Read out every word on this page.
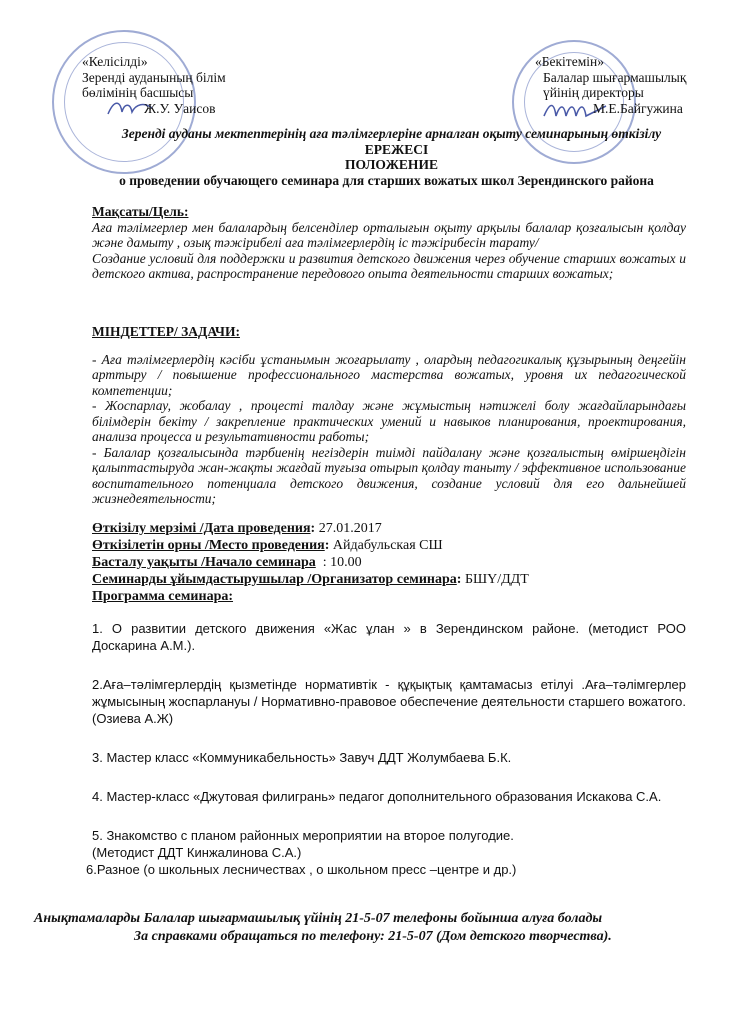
«Келісілді»
Зеренді ауданының білім
бөлімінің басшысы
Ж.У. Уаисов
«Бекітемін»
Балалар шығармашылық
үйінің директоры
М.Е.Байгужина
Зеренді ауданы мектептерінің аға тәлімгерлеріне арналған оқыту семинарының өткізілу
ЕРЕЖЕСІ
ПОЛОЖЕНИЕ
о проведении обучающего семинара для старших вожатых школ Зерендинского района
Мақсаты/Цель:
Аға тәлімгерлер мен балалардың белсенділер орталығын оқыту арқылы балалар қозғалысын қолдау және дамыту , озық тәжірибелі аға тәлімгерлердің іс тәжірибесін тарату/
Создание условий для поддержки и развития детского движения через обучение старших вожатых и детского актива, распространение передового опыта деятельности старших вожатых;
МІНДЕТТЕР/ ЗАДАЧИ:
- Аға тәлімгерлердің кәсіби ұстанымын жоғарылату , олардың педагогикалық құзырының деңгейін арттыру / повышение профессионального мастерства вожатых, уровня их педагогической компетенции;
- Жоспарлау, жобалау , процесті талдау және жұмыстың нәтижелі болу жағдайларындағы білімдерін бекіту / закрепление практических умений и навыков планирования, проектирования, анализа процесса и результативности работы;
- Балалар қозғалысында тәрбиенің негіздерін тиімді пайдалану және қозғалыстың өміршеңдігін қалыптастыруда жан-жақты жағдай туғыза отырып қолдау таныту / эффективное использование воспитательного потенциала детского движения, создание условий для его дальнейшей жизнедеятельности;
Өткізілу мерзімі /Дата проведения: 27.01.2017
Өткізілетін орны /Место проведения: Айдабульская СШ
Басталу уақыты /Начало семинара : 10.00
Семинарды ұйымдастырушылар /Организатор семинара: БШҮ/ДДТ
Программа семинара:
1. О развитии детского движения «Жас ұлан » в Зерендинском районе. (методист РОО Доскарина А.М.).
2.Аға–тәлімгерлердің қызметінде нормативтік - құқықтық қамтамасыз етілуі .Аға–тәлімгерлер жұмысының жоспарлануы / Нормативно-правовое обеспечение деятельности старшего вожатого. (Озиева А.Ж)
3. Мастер класс «Коммуникабельность» Завуч ДДТ Жолумбаева Б.К.
4. Мастер-класс «Джутовая филигрань» педагог дополнительного образования Искакова С.А.
5. Знакомство с планом районных мероприятии на второе полугодие.
(Методист ДДТ Кинжалинова С.А.)
6.Разное (о школьных лесничествах , о школьном пресс –центре и др.)
Анықтамаларды Балалар шығармашылық үйінің 21-5-07 телефоны бойынша алуға болады
За справками обращаться по телефону: 21-5-07 (Дом детского творчества).
